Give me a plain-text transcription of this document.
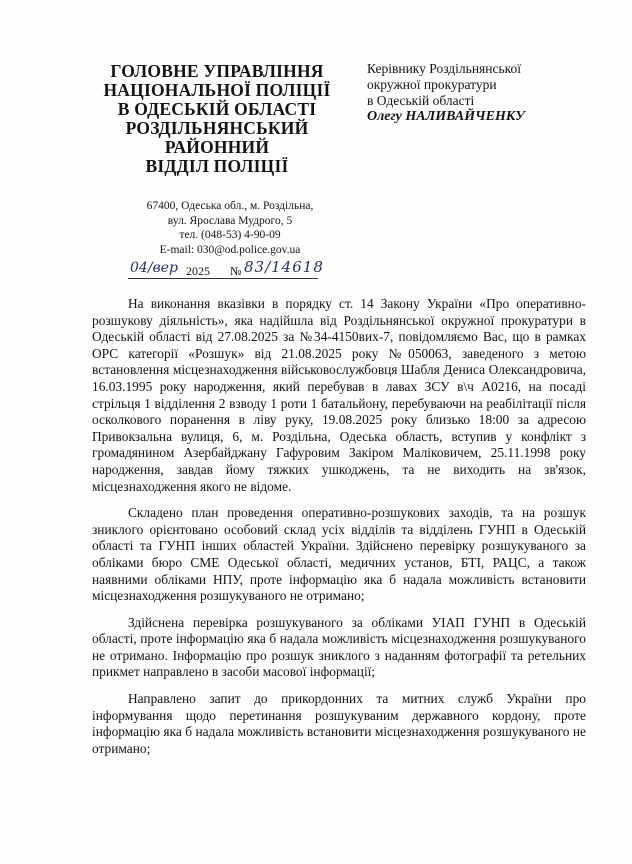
ГОЛОВНЕ УПРАВЛІННЯ
НАЦІОНАЛЬНОЇ ПОЛІЦІЇ
В ОДЕСЬКІЙ ОБЛАСТІ
РОЗДІЛЬНЯНСЬКИЙ
РАЙОННИЙ
ВІДДІЛ ПОЛІЦІЇ
67400, Одеська обл., м. Роздільна,
вул. Ярослава Мудрого, 5
тел. (048-53) 4-90-09
E-mail: 030@od.police.gov.ua
Керівнику Роздільнянської
окружної прокуратури
в Одеській області
Олегу НАЛИВАЙЧЕНКУ
04/вер 2025 № 83/14618

На виконання вказівки в порядку ст. 14 Закону України «Про оперативно-розшукову діяльність», яка надійшла від Роздільнянської окружної прокуратури в Одеській області від 27.08.2025 за №34-4150вих-7, повідомляємо Вас, що в рамках ОРС категорії «Розшук» від 21.08.2025 року №050063, заведеного з метою встановлення місцезнаходження військовослужбовця Шабля Дениса Олександровича, 16.03.1995 року народження, який перебував в лавах ЗСУ в\ч А0216, на посаді стрільця 1 відділення 2 взводу 1 роти 1 батальйону, перебуваючи на реабілітації після осколкового поранення в ліву руку, 19.08.2025 року близько 18:00 за адресою Привокзальна вулиця, 6, м. Роздільна, Одеська область, вступив у конфлікт з громадянином Азербайджану Гафуровим Закіром Маліковичем, 25.11.1998 року народження, завдав йому тяжких ушкоджень, та не виходить на зв'язок, місцезнаходження якого не відоме.

Складено план проведення оперативно-розшукових заходів, та на розшук зниклого орієнтовано особовий склад усіх відділів та відділень ГУНП в Одеській області та ГУНП інших областей України. Здійснено перевірку розшукуваного за обліками бюро СМЕ Одеської області, медичних установ, БТІ, РАЦС, а також наявними обліками НПУ, проте інформацію яка б надала можливість встановити місцезнаходження розшукуваного не отримано;

Здійснена перевірка розшукуваного за обліками УІАП ГУНП в Одеській області, проте інформацію яка б надала можливість місцезнаходження розшукуваного не отримано. Інформацію про розшук зниклого з наданням фотографії та ретельних прикмет направлено в засоби масової інформації;

Направлено запит до прикордонних та митних служб України про інформування щодо перетинання розшукуваним державного кордону, проте інформацію яка б надала можливість встановити місцезнаходження розшукуваного не отримано;
